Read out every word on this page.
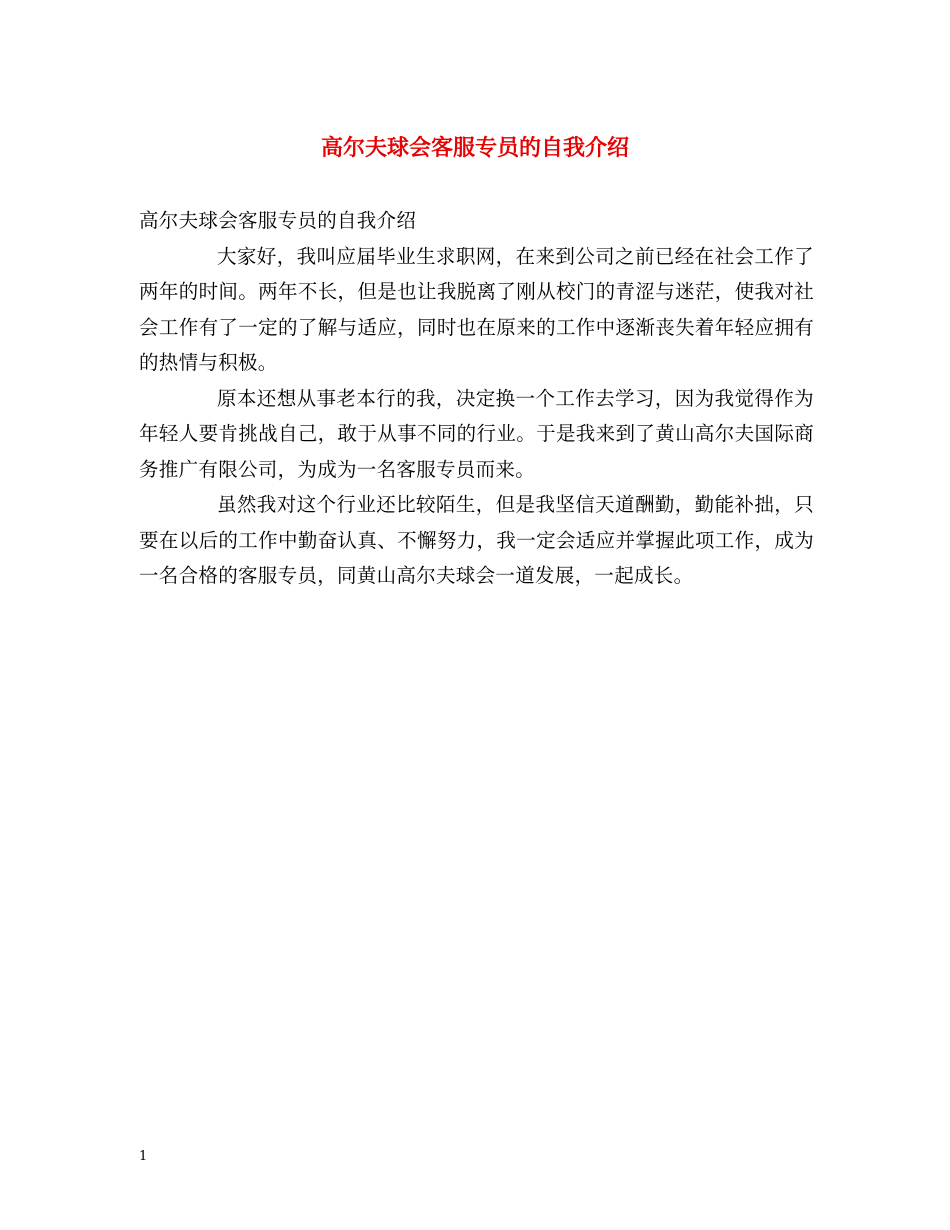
高尔夫球会客服专员的自我介绍

高尔夫球会客服专员的自我介绍

大家好，我叫应届毕业生求职网，在来到公司之前已经在社会工作了两年的时间。两年不长，但是也让我脱离了刚从校门的青涩与迷茫，使我对社会工作有了一定的了解与适应，同时也在原来的工作中逐渐丧失着年轻应拥有的热情与积极。

原本还想从事老本行的我，决定换一个工作去学习，因为我觉得作为年轻人要肯挑战自己，敢于从事不同的行业。于是我来到了黄山高尔夫国际商务推广有限公司，为成为一名客服专员而来。

虽然我对这个行业还比较陌生，但是我坚信天道酬勤，勤能补拙，只要在以后的工作中勤奋认真、不懈努力，我一定会适应并掌握此项工作，成为一名合格的客服专员，同黄山高尔夫球会一道发展，一起成长。

1
